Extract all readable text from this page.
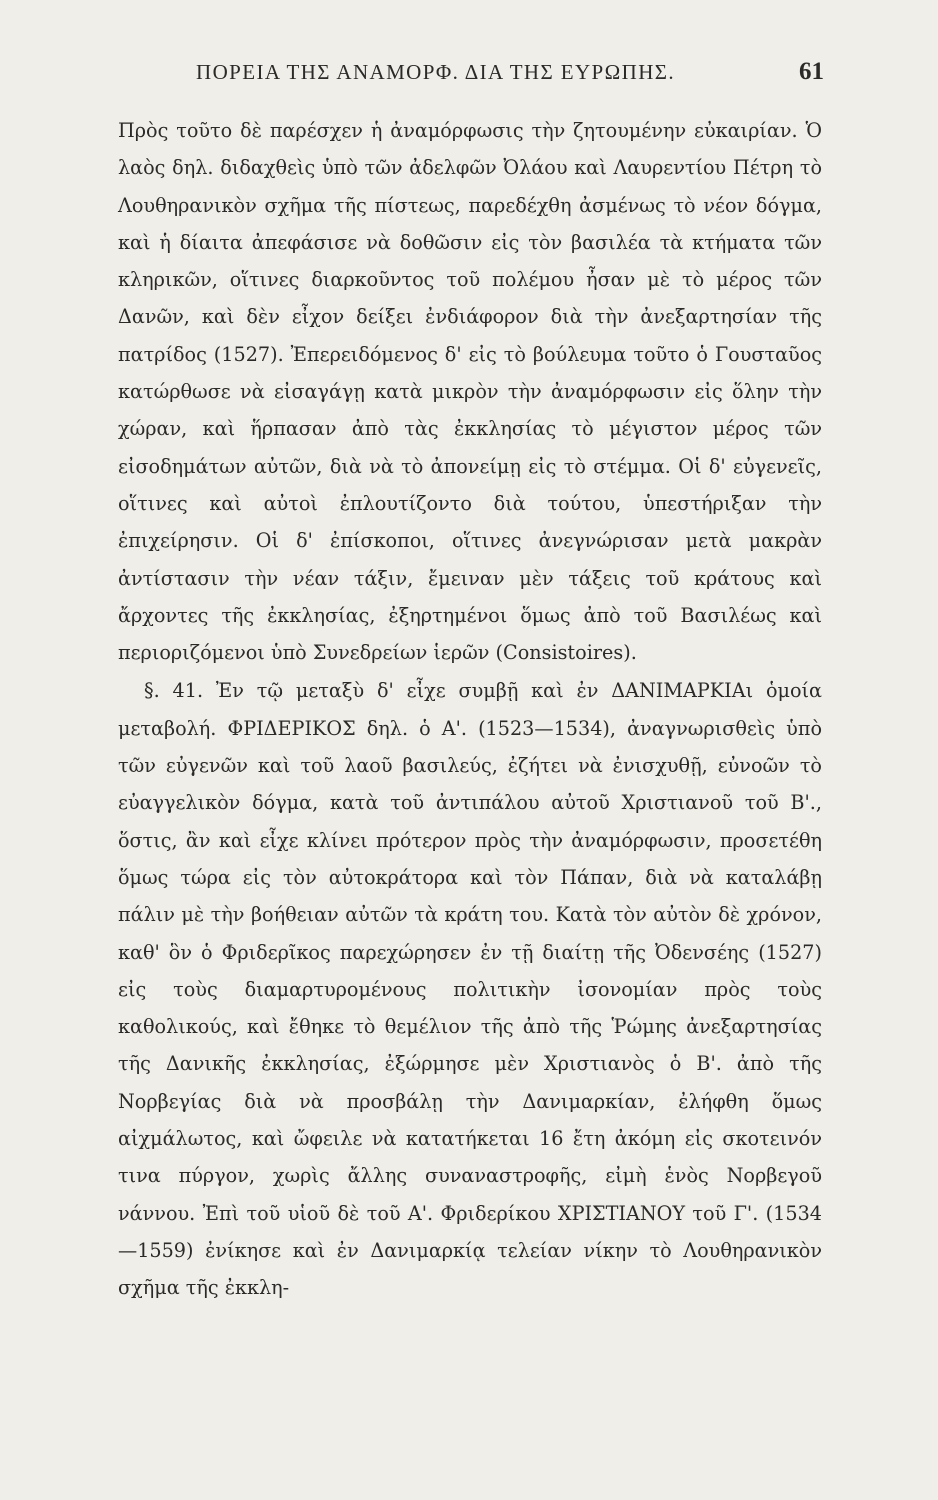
ΠΟΡΕΙΑ ΤΗΣ ΑΝΑΜΟΡΦ. ΔΙΑ ΤΗΣ ΕΥΡΩΠΗΣ.	61

Πρὸς τοῦτο δὲ παρέσχεν ἡ ἀναμόρφωσις τὴν ζητουμένην εὐκαιρίαν. Ὁ λαὸς δηλ. διδαχθεὶς ὑπὸ τῶν ἀδελφῶν Ὀλάου καὶ Λαυρεντίου Πέτρη τὸ Λουθηρανικὸν σχῆμα τῆς πίστεως, παρεδέχθη ἀσμένως τὸ νέον δόγμα, καὶ ἡ δίαιτα ἀπεφάσισε νὰ δοθῶσιν εἰς τὸν βασιλέα τὰ κτήματα τῶν κληρικῶν, οἵτινες διαρκοῦντος τοῦ πολέμου ἦσαν μὲ τὸ μέρος τῶν Δανῶν, καὶ δὲν εἶχον δείξει ἐνδιάφορον διὰ τὴν ἀνεξαρτησίαν τῆς πατρίδος (1527). Ἐπερειδόμενος δ' εἰς τὸ βούλευμα τοῦτο ὁ Γουσταῦος κατώρθωσε νὰ εἰσαγάγῃ κατὰ μικρὸν τὴν ἀναμόρφωσιν εἰς ὅλην τὴν χώραν, καὶ ἥρπασαν ἀπὸ τὰς ἐκκλησίας τὸ μέγιστον μέρος τῶν εἰσοδημάτων αὐτῶν, διὰ νὰ τὸ ἀπονείμῃ εἰς τὸ στέμμα. Οἱ δ' εὐγενεῖς, οἵτινες καὶ αὐτοὶ ἐπλουτίζοντο διὰ τούτου, ὑπεστήριξαν τὴν ἐπιχείρησιν. Οἱ δ' ἐπίσκοποι, οἵτινες ἀνεγνώρισαν μετὰ μακρὰν ἀντίστασιν τὴν νέαν τάξιν, ἔμειναν μὲν τάξεις τοῦ κράτους καὶ ἄρχοντες τῆς ἐκκλησίας, ἐξηρτημένοι ὅμως ἀπὸ τοῦ Βασιλέως καὶ περιοριζόμενοι ὑπὸ Συνεδρείων ἱερῶν (Consistoires).

§. 41. Ἐν τῷ μεταξὺ δ' εἶχε συμβῇ καὶ ἐν ΔΑΝΙΜΑΡΚΙΑι ὁμοία μεταβολή. ΦΡΙΔΕΡΙΚΟΣ δηλ. ὁ Α'. (1523—1534), ἀναγνωρισθεὶς ὑπὸ τῶν εὐγενῶν καὶ τοῦ λαοῦ βασιλεύς, ἐζήτει νὰ ἐνισχυθῇ, εὐνοῶν τὸ εὐαγγελικὸν δόγμα, κατὰ τοῦ ἀντιπάλου αὐτοῦ Χριστιανοῦ τοῦ Β'., ὅστις, ἂν καὶ εἶχε κλίνει πρότερον πρὸς τὴν ἀναμόρφωσιν, προσετέθη ὅμως τώρα εἰς τὸν αὐτοκράτορα καὶ τὸν Πάπαν, διὰ νὰ καταλάβῃ πάλιν μὲ τὴν βοήθειαν αὐτῶν τὰ κράτη του. Κατὰ τὸν αὐτὸν δὲ χρόνον, καθ' ὃν ὁ Φριδερῖκος παρεχώρησεν ἐν τῇ διαίτῃ τῆς Ὀδενσέης (1527) εἰς τοὺς διαμαρτυρομένους πολιτικὴν ἰσονομίαν πρὸς τοὺς καθολικούς, καὶ ἔθηκε τὸ θεμέλιον τῆς ἀπὸ τῆς Ῥώμης ἀνεξαρτησίας τῆς Δανικῆς ἐκκλησίας, ἐξώρμησε μὲν Χριστιανὸς ὁ Β'. ἀπὸ τῆς Νορβεγίας διὰ νὰ προσβάλῃ τὴν Δανιμαρκίαν, ἐλήφθη ὅμως αἰχμάλωτος, καὶ ὤφειλε νὰ κατατήκεται 16 ἔτη ἀκόμη εἰς σκοτεινόν τινα πύργον, χωρὶς ἄλλης συναναστροφῆς, εἰμὴ ἑνὸς Νορβεγοῦ νάννου. Ἐπὶ τοῦ υἱοῦ δὲ τοῦ Α'. Φριδερίκου ΧΡΙΣΤΙΑΝΟΥ τοῦ Γ'. (1534—1559) ἐνίκησε καὶ ἐν Δανιμαρκίᾳ τελείαν νίκην τὸ Λουθηρανικὸν σχῆμα τῆς ἐκκλη-
